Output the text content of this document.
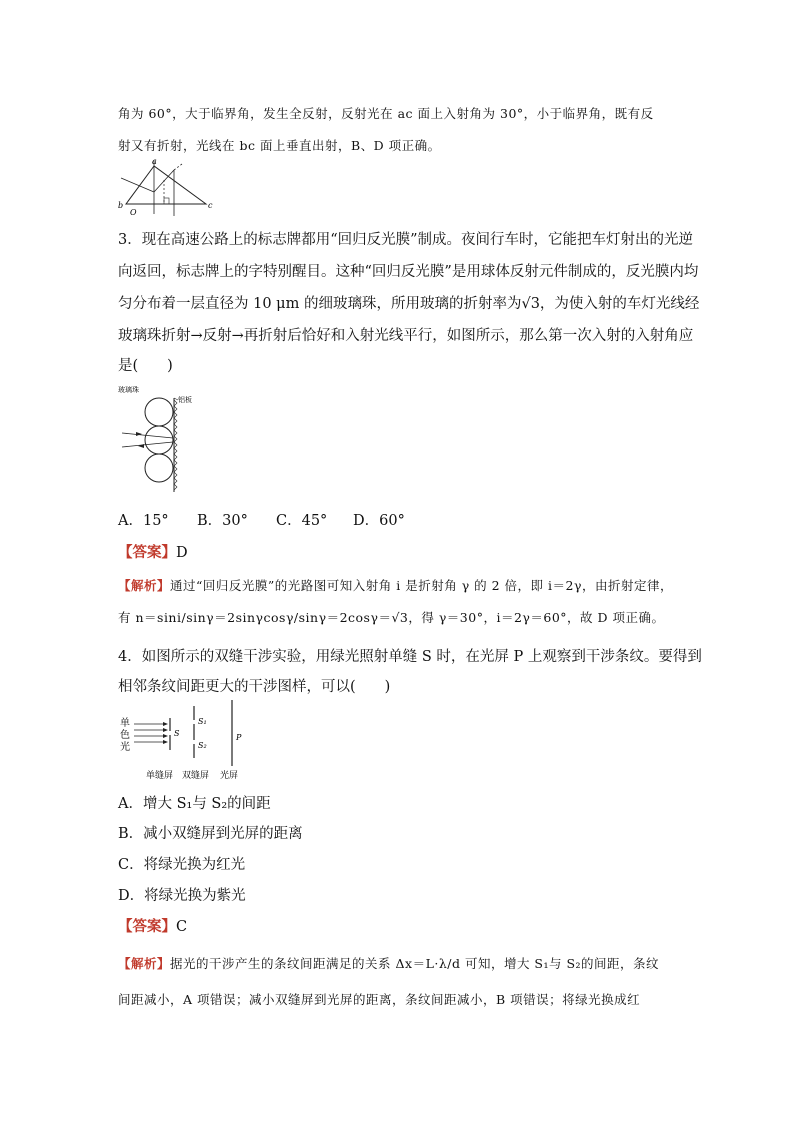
角为 60°，大于临界角，发生全反射，反射光在 ac 面上入射角为 30°，小于临界角，既有反
射又有折射，光线在 bc 面上垂直出射，B、D 项正确。
a
b	c
O
3．现在高速公路上的标志牌都用“回归反光膜”制成。夜间行车时，它能把车灯射出的光逆
向返回，标志牌上的字特别醒目。这种“回归反光膜”是用球体反射元件制成的，反光膜内均
匀分布着一层直径为 10 μm 的细玻璃珠，所用玻璃的折射率为√3，为使入射的车灯光线经
玻璃珠折射→反射→再折射后恰好和入射光线平行，如图所示，那么第一次入射的入射角应
是(　　)
玻璃珠
铝板
A．15° B．30° C．45° D．60°
【答案】D
【解析】通过“回归反光膜”的光路图可知入射角 i 是折射角 γ 的 2 倍，即 i＝2γ，由折射定律，
有 n＝sini/sinγ＝2sinγcosγ/sinγ＝2cosγ＝√3，得 γ＝30°，i＝2γ＝60°，故 D 项正确。
4．如图所示的双缝干涉实验，用绿光照射单缝 S 时，在光屏 P 上观察到干涉条纹。要得到
相邻条纹间距更大的干涉图样，可以(　　)
单
色
光
S
S₁
S₂
P
单缝屏 双缝屏 光屏
A．增大 S₁与 S₂的间距
B．减小双缝屏到光屏的距离
C．将绿光换为红光
D．将绿光换为紫光
【答案】C
【解析】据光的干涉产生的条纹间距满足的关系 Δx＝L·λ/d 可知，增大 S₁与 S₂的间距，条纹
间距减小，A 项错误；减小双缝屏到光屏的距离，条纹间距减小，B 项错误；将绿光换成红
